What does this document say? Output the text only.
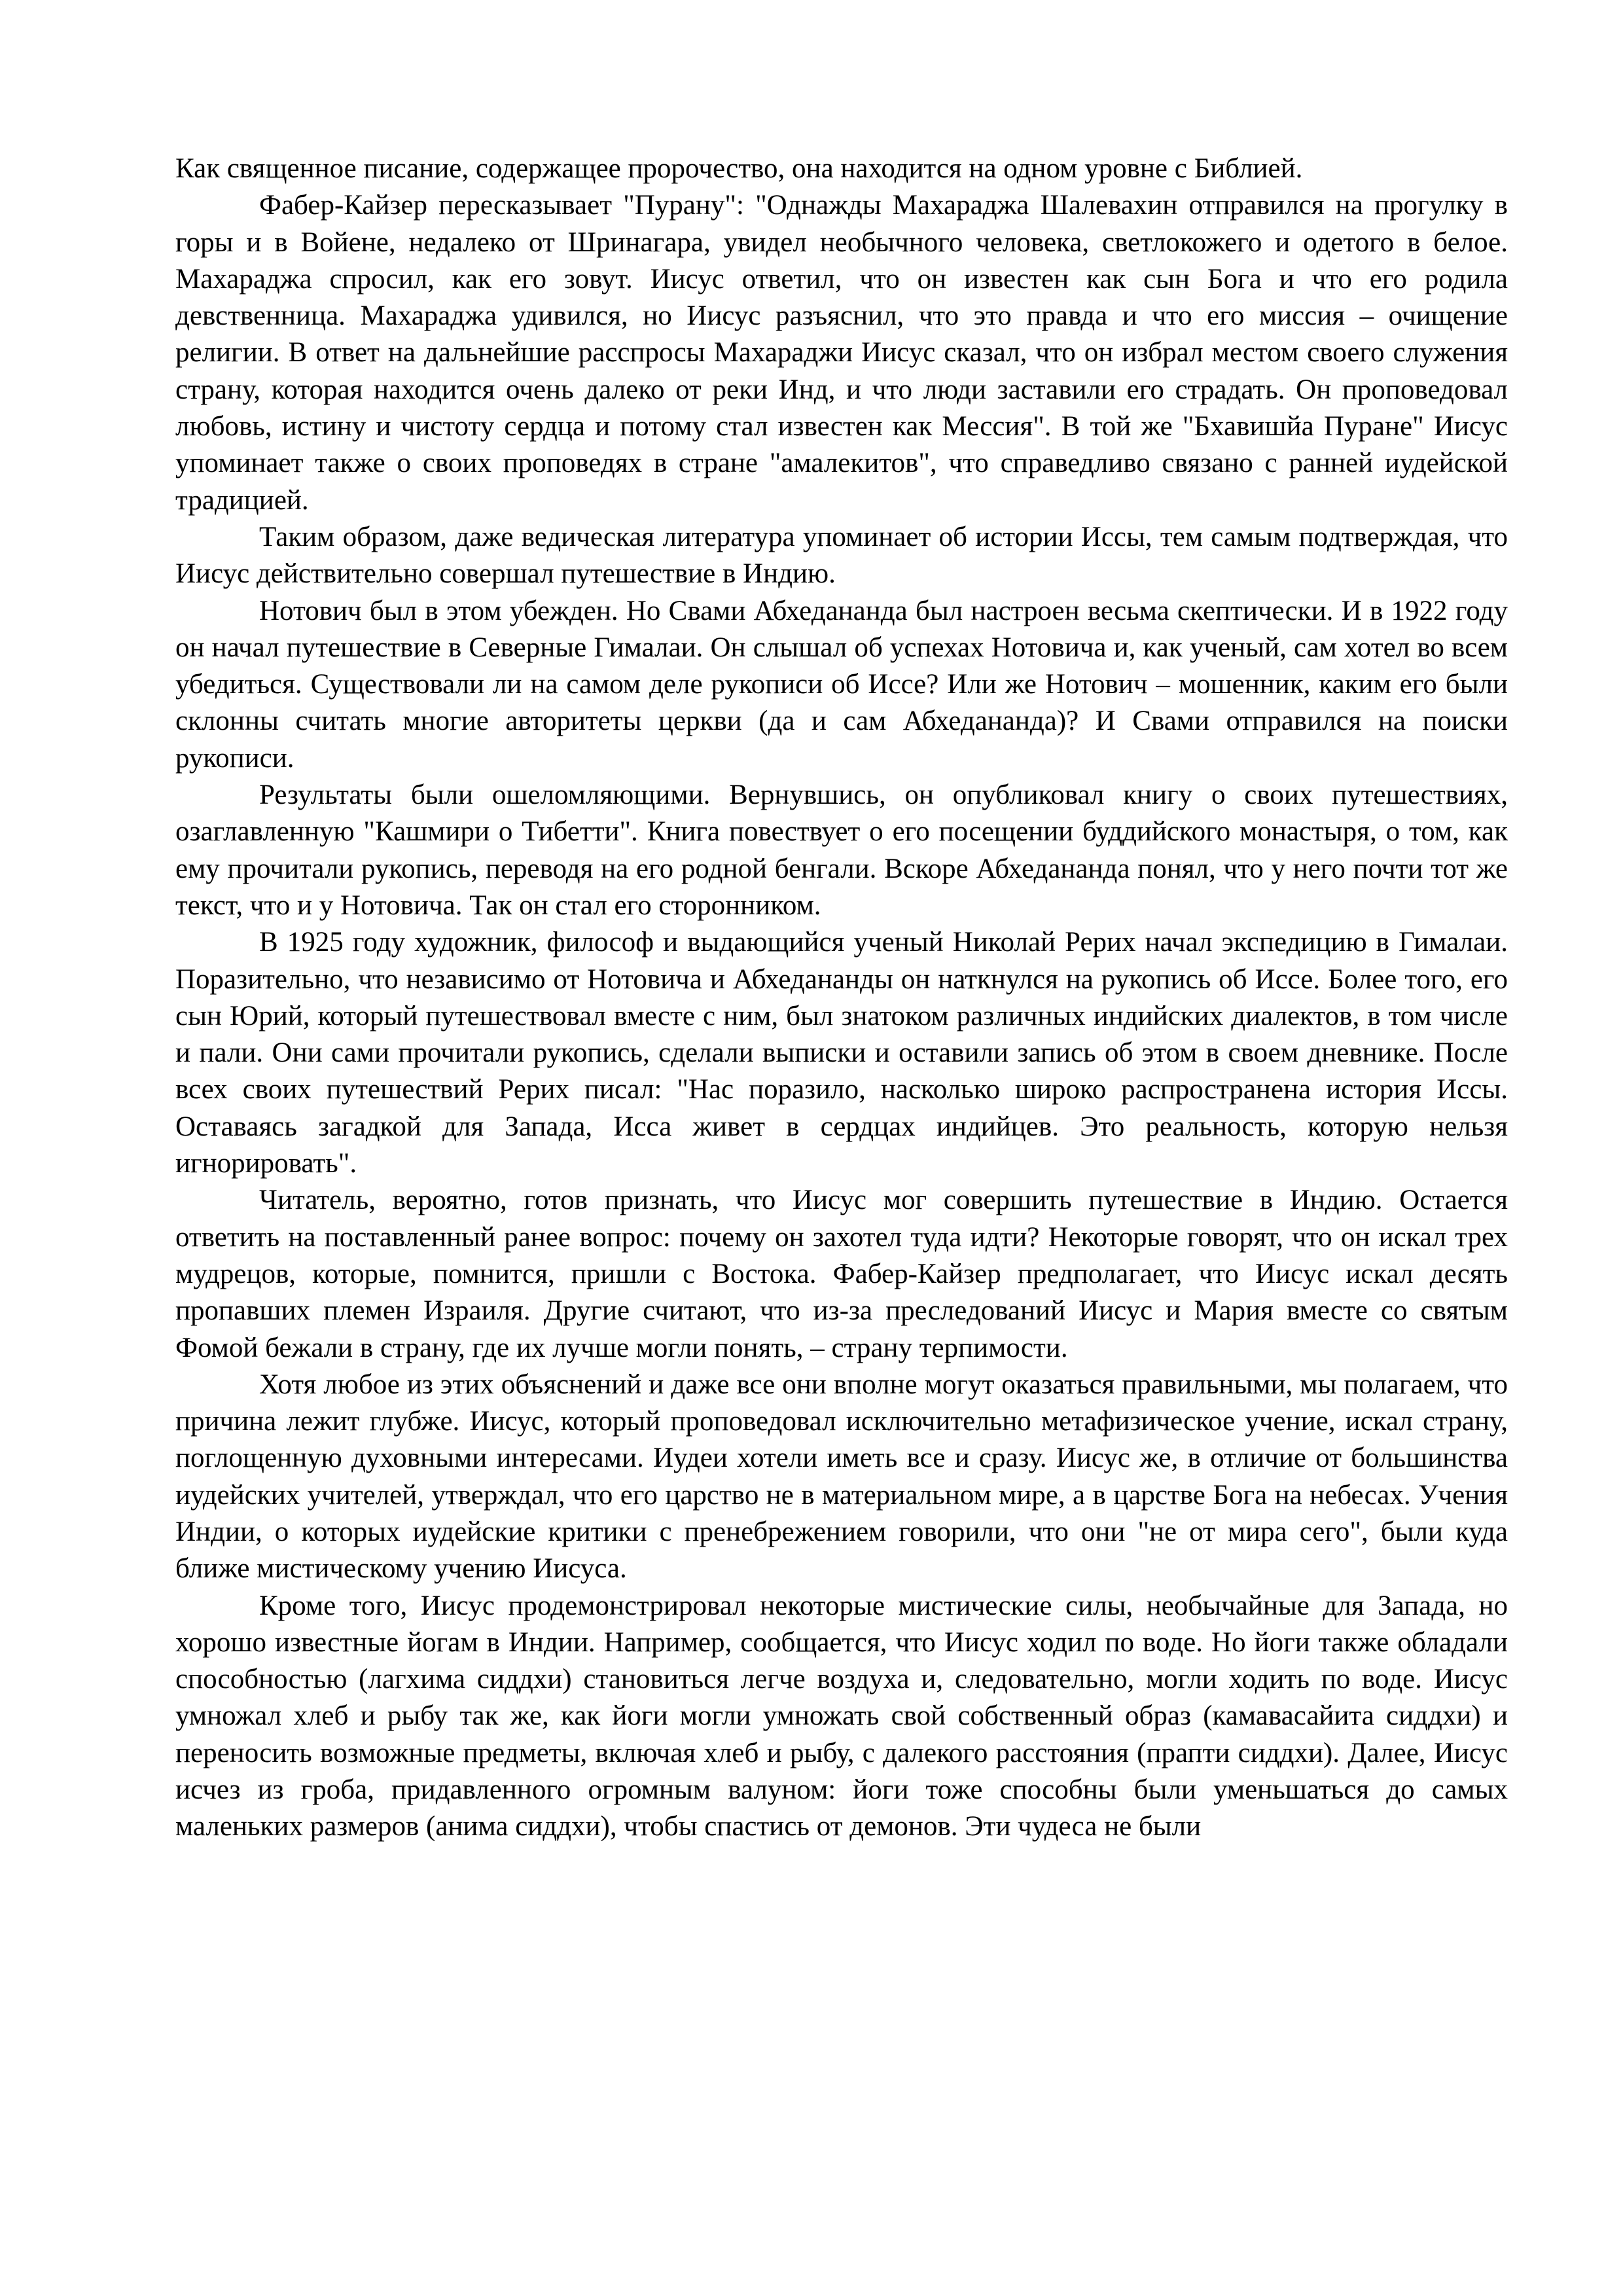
Как священное писание, содержащее пророчество, она находится на одном уровне с Библией.

Фабер-Кайзер пересказывает "Пурану": "Однажды Махараджа Шалевахин отправился на прогулку в горы и в Войене, недалеко от Шринагара, увидел необычного человека, светлокожего и одетого в белое. Махараджа спросил, как его зовут. Иисус ответил, что он известен как сын Бога и что его родила девственница. Махараджа удивился, но Иисус разъяснил, что это правда и что его миссия – очищение религии. В ответ на дальнейшие расспросы Махараджи Иисус сказал, что он избрал местом своего служения страну, которая находится очень далеко от реки Инд, и что люди заставили его страдать. Он проповедовал любовь, истину и чистоту сердца и потому стал известен как Мессия". В той же "Бхавишйа Пуране" Иисус упоминает также о своих проповедях в стране "амалекитов", что справедливо связано с ранней иудейской традицией.

Таким образом, даже ведическая литература упоминает об истории Иссы, тем самым подтверждая, что Иисус действительно совершал путешествие в Индию.

Нотович был в этом убежден. Но Свами Абхедананда был настроен весьма скептически. И в 1922 году он начал путешествие в Северные Гималаи. Он слышал об успехах Нотовича и, как ученый, сам хотел во всем убедиться. Существовали ли на самом деле рукописи об Иссе? Или же Нотович – мошенник, каким его были склонны считать многие авторитеты церкви (да и сам Абхедананда)? И Свами отправился на поиски рукописи.

Результаты были ошеломляющими. Вернувшись, он опубликовал книгу о своих путешествиях, озаглавленную "Кашмири о Тибетти". Книга повествует о его посещении буддийского монастыря, о том, как ему прочитали рукопись, переводя на его родной бенгали. Вскоре Абхедананда понял, что у него почти тот же текст, что и у Нотовича. Так он стал его сторонником.

В 1925 году художник, философ и выдающийся ученый Николай Рерих начал экспедицию в Гималаи. Поразительно, что независимо от Нотовича и Абхедананды он наткнулся на рукопись об Иссе. Более того, его сын Юрий, который путешествовал вместе с ним, был знатоком различных индийских диалектов, в том числе и пали. Они сами прочитали рукопись, сделали выписки и оставили запись об этом в своем дневнике. После всех своих путешествий Рерих писал: "Нас поразило, насколько широко распространена история Иссы. Оставаясь загадкой для Запада, Исса живет в сердцах индийцев. Это реальность, которую нельзя игнорировать".

Читатель, вероятно, готов признать, что Иисус мог совершить путешествие в Индию. Остается ответить на поставленный ранее вопрос: почему он захотел туда идти? Некоторые говорят, что он искал трех мудрецов, которые, помнится, пришли с Востока. Фабер-Кайзер предполагает, что Иисус искал десять пропавших племен Израиля. Другие считают, что из-за преследований Иисус и Мария вместе со святым Фомой бежали в страну, где их лучше могли понять, – страну терпимости.

Хотя любое из этих объяснений и даже все они вполне могут оказаться правильными, мы полагаем, что причина лежит глубже. Иисус, который проповедовал исключительно метафизическое учение, искал страну, поглощенную духовными интересами. Иудеи хотели иметь все и сразу. Иисус же, в отличие от большинства иудейских учителей, утверждал, что его царство не в материальном мире, а в царстве Бога на небесах. Учения Индии, о которых иудейские критики с пренебрежением говорили, что они "не от мира сего", были куда ближе мистическому учению Иисуса.

Кроме того, Иисус продемонстрировал некоторые мистические силы, необычайные для Запада, но хорошо известные йогам в Индии. Например, сообщается, что Иисус ходил по воде. Но йоги также обладали способностью (лагхима сиддхи) становиться легче воздуха и, следовательно, могли ходить по воде. Иисус умножал хлеб и рыбу так же, как йоги могли умножать свой собственный образ (камавасайита сиддхи) и переносить возможные предметы, включая хлеб и рыбу, с далекого расстояния (прапти сиддхи). Далее, Иисус исчез из гроба, придавленного огромным валуном: йоги тоже способны были уменьшаться до самых маленьких размеров (анима сиддхи), чтобы спастись от демонов. Эти чудеса не были
